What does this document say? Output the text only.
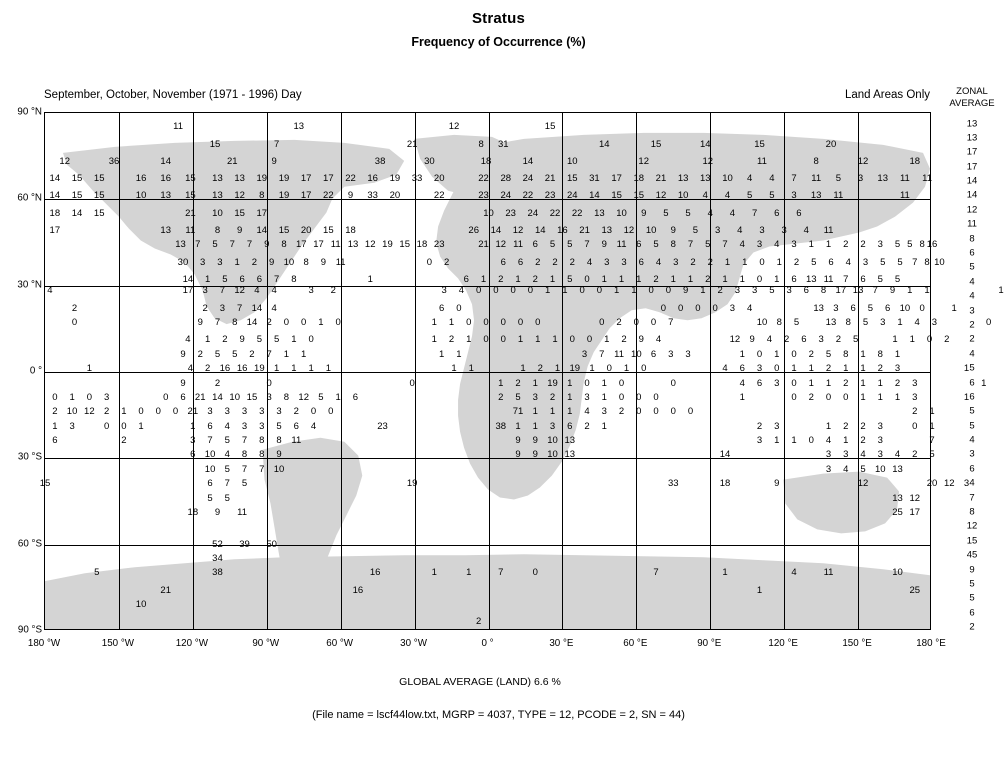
Stratus
Frequency of Occurrence (%)
September, October, November (1971 - 1996) Day	Land Areas Only	ZONAL
AVERAGE
11	13	12	15
15	7	21	8 31	14	15	14	15	20
12	36	14	21	9	38	30	18	14	10	12	12	11	8	12	18
14 15 15	16 16 15 13 13 19 19 17 17 22 16 19 33 20	22 28 24 21 15 31 17 18 21 13 13 10 4 4 7 11 5 3 13 11 11
14 15 15	10 13 15 13 12 8 19 17 22 9 33 20	22	23 24 22 23 24 14 15 15 12 10 4 4 5 5 3 13 11	11
18 14 15	21 10 15 17	10 23 24 22 22 13 10 9 5 5 4 4 7 6 6
17	13 11 8 9 14 15 20 15 18	26 14 12 14 16 21 13 12 10 9 5 3 4 3 3 4 11
13 7 5 7 7 9 8 17 17 11 13 12 19 15 18 23	21 12 11 6 5 5 7 9 11 6 5 8 7 5 7 4 3 4 3 1 1 2 2 3 5 5 8 16
30 3 3 1 2 9 10 8 9 11	0 2	6 6 2 2 2 4 3 3 6 4 3 2 2 1 1 0 1 2 5 6 4 3 5 5 7 8 10
14 1 5 6 6 7 8	1	6 1 2 1 2 1 5 0 1 1 1 2 1 1 2 1 1 0 1 6 13 11 7 6 5 5
4	17 3 7 12 4 4	3 2	3 4 0 0 0 0 1 1 0 0 1 1 0 0 9 1 2 3 3 5 3 6 8 17 13 7 9 1 1	1
2	2 3 7 14 4	6 0	0 0 0 0 3 4	13 3 6 5 6 10 0	1
0	9 7 8 14 2 0 0 1 0	1 1 0 0 0 0 0	0 2 0 0 7	10 8 5	13 8 5 3 1 4 3	0
4 1 2 9 5 5 1 0	1 2 1 0 0 1 1 1 0 0 1 2 9 4	12 9 4 2 6 3 2 5	1 1 0 2
9 2 5 5 2 7 1 1	1 1	3 7 11 10 6 3 3	1 0 1 0 2 5 8 1 8 1
1	4 2 16 16 19 1 1 1 1	1 1	1 2 1 19 1 0 1 0	4 6 3 0 1 1 2 1 1 2 3	1
9	2	0	0	1 2 1 19 1 0 1 0	0	4 6 3 0 1 1 2 1 1 2 3	1
0 1 0 3	0 6 21 14 10 15 3 8 12 5 1 6	2 5 3 2 1 3 1 0 0 0	1	0 2 0 0 1 1 1 3	1
2 10 12 2 1 0 0 0 21 3 3 3 3 3 2 0 0	71 1 1 1 4 3 2 0 0 0 0	2 1
1 3	0 0 1	1 6 4 3 3 5 6 4	23	38 1 1 3 6 2 1	2 3	1 2 2 3	0 1
6	2	3 7 5 7 8 8 11	9 9 10 13	3 1 1 0 4 1 2 3	7
6 10 4 8 8 9	9 9 10 13	14	3 3 4 3 4 2 5
10 5 7 7 10	3 4 5 10 13
15	6 7 5	19	33	18	9	12	20 12 3
5 5	13 12
18 9 11	25 17
52 39 50
34
5	38	16	1	1	7	0	7	1	4	11	10
21	16	1	25
10
2
90 °N
60 °N
30 °N
0 °
30 °S
60 °S
90 °S
180 °W	150 °W	120 °W	90 °W	60 °W	30 °W	0 °	30 °E	60 °E	90 °E	120 °E	150 °E	180 °E
13
13
17
17
14
14
12
11
8
6
5
4
4
3
2
2
4
5
6
6
5
5
4
3
6
4
7
8
12
15
45
9
5
5
6
2
GLOBAL AVERAGE (LAND) 6.6 %
(File name = lscf44low.txt, MGRP = 4037, TYPE = 12, PCODE = 2, SN = 44)
